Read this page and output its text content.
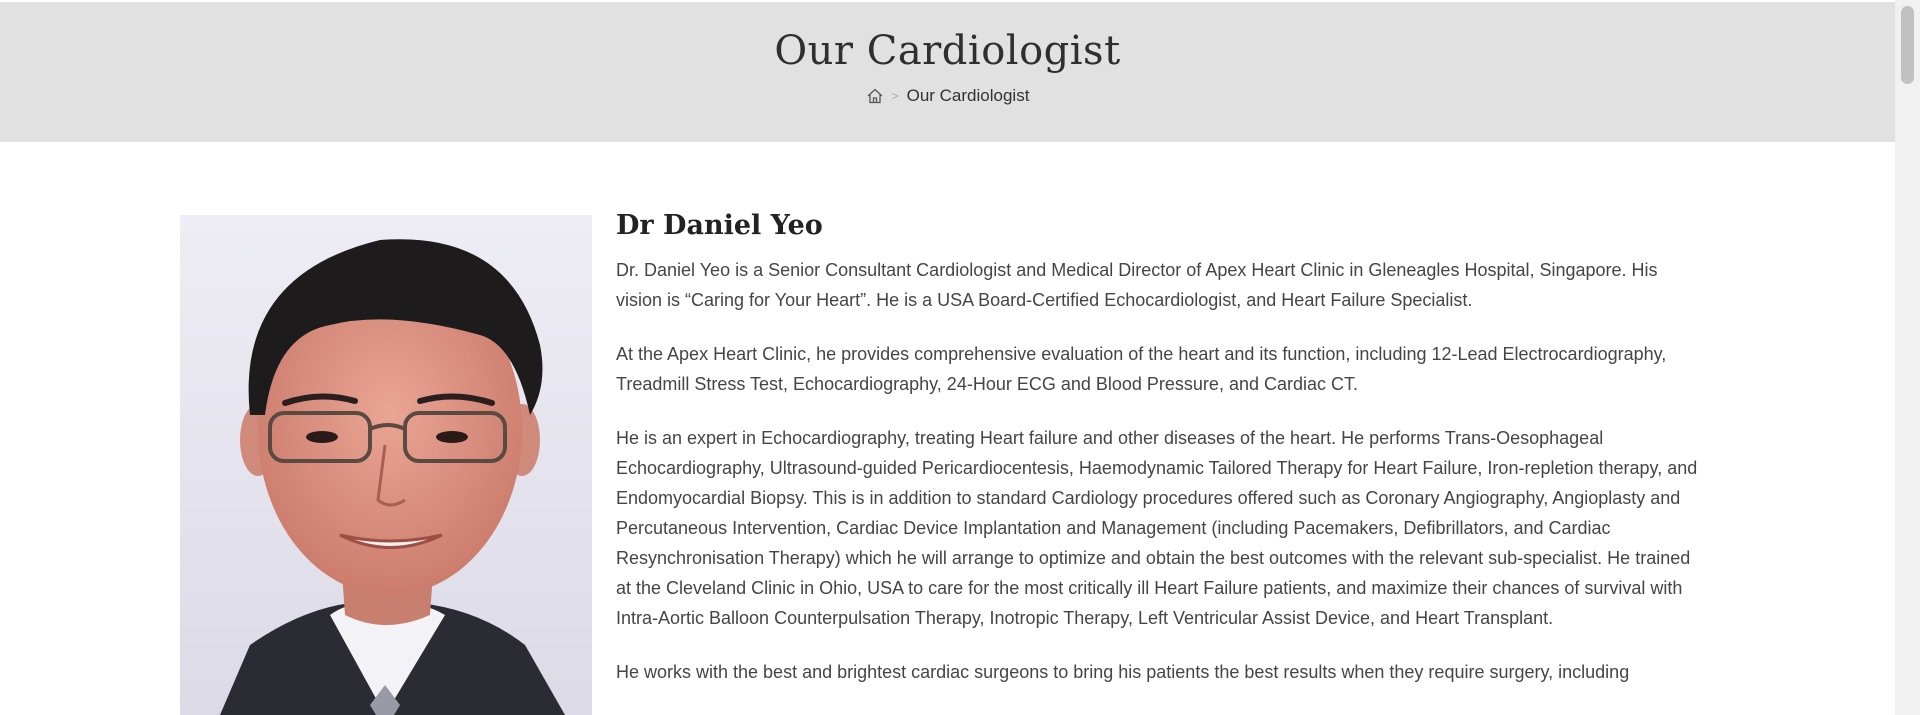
Our Cardiologist
> Our Cardiologist
Dr Daniel Yeo

Dr. Daniel Yeo is a Senior Consultant Cardiologist and Medical Director of Apex Heart Clinic in Gleneagles Hospital, Singapore. His vision is “Caring for Your Heart”. He is a USA Board-Certified Echocardiologist, and Heart Failure Specialist.

At the Apex Heart Clinic, he provides comprehensive evaluation of the heart and its function, including 12-Lead Electrocardiography, Treadmill Stress Test, Echocardiography, 24-Hour ECG and Blood Pressure, and Cardiac CT.

He is an expert in Echocardiography, treating Heart failure and other diseases of the heart. He performs Trans-Oesophageal Echocardiography, Ultrasound-guided Pericardiocentesis, Haemodynamic Tailored Therapy for Heart Failure, Iron-repletion therapy, and Endomyocardial Biopsy. This is in addition to standard Cardiology procedures offered such as Coronary Angiography, Angioplasty and Percutaneous Intervention, Cardiac Device Implantation and Management (including Pacemakers, Defibrillators, and Cardiac Resynchronisation Therapy) which he will arrange to optimize and obtain the best outcomes with the relevant sub-specialist. He trained at the Cleveland Clinic in Ohio, USA to care for the most critically ill Heart Failure patients, and maximize their chances of survival with Intra-Aortic Balloon Counterpulsation Therapy, Inotropic Therapy, Left Ventricular Assist Device, and Heart Transplant.

He works with the best and brightest cardiac surgeons to bring his patients the best results when they require surgery, including
